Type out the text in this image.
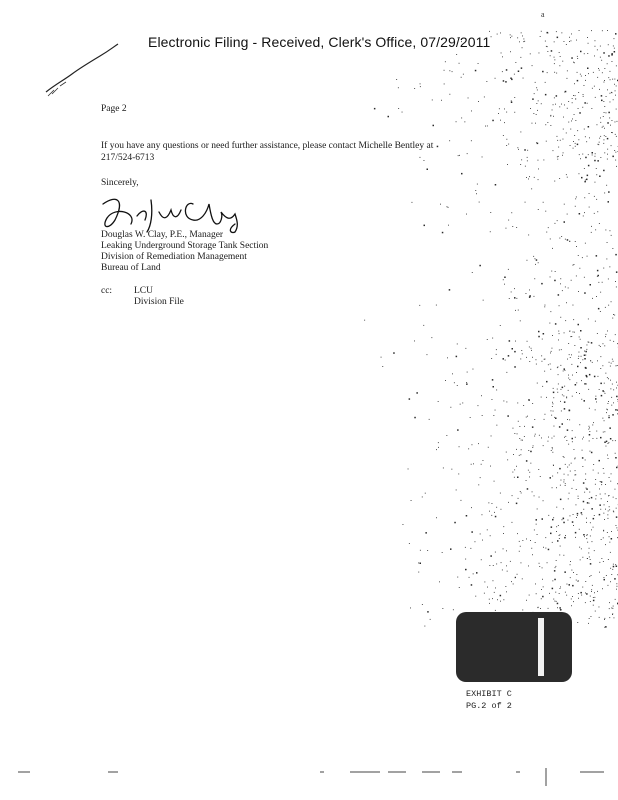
Electronic Filing - Received, Clerk's Office, 07/29/2011
a
Page 2
If you have any questions or need further assistance, please contact Michelle Bentley at
217/524-6713
Sincerely,
Douglas W. Clay, P.E., Manager
Leaking Underground Storage Tank Section
Division of Remediation Management
Bureau of Land
cc: LCU
Division File
EXHIBIT C
PG.2 of 2
